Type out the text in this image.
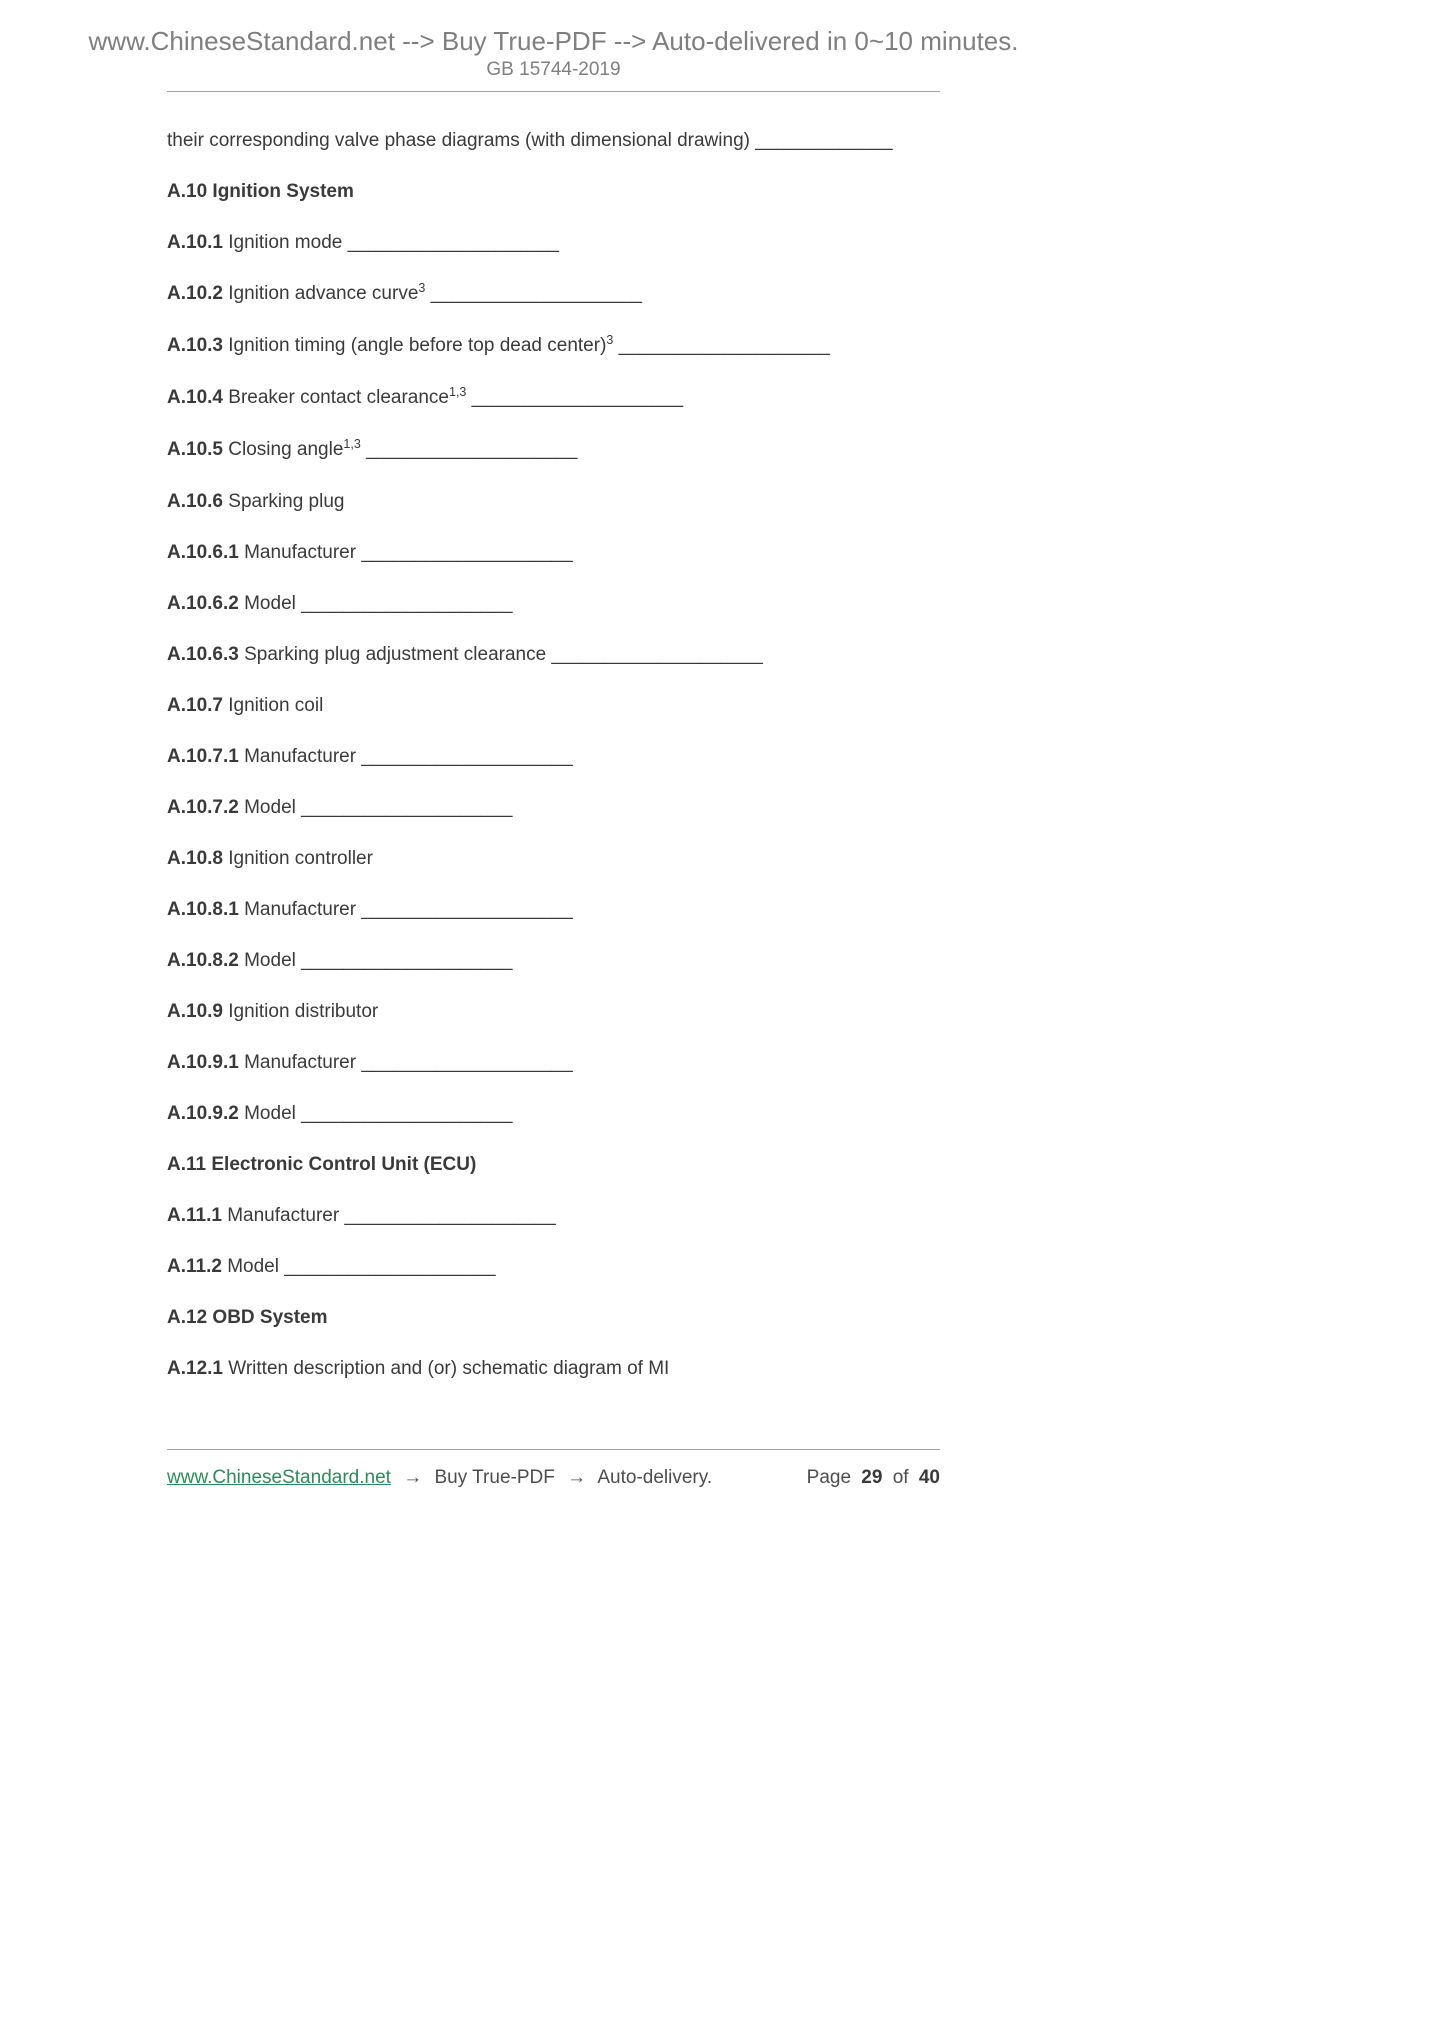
www.ChineseStandard.net --> Buy True-PDF --> Auto-delivered in 0~10 minutes.
GB 15744-2019
their corresponding valve phase diagrams (with dimensional drawing) _____________
A.10 Ignition System
A.10.1 Ignition mode ____________________
A.10.2 Ignition advance curve$^3$ ____________________
A.10.3 Ignition timing (angle before top dead center)$^3$ ____________________
A.10.4 Breaker contact clearance$^{1,3}$ ____________________
A.10.5 Closing angle$^{1,3}$ ____________________
A.10.6 Sparking plug
A.10.6.1 Manufacturer ____________________
A.10.6.2 Model ____________________
A.10.6.3 Sparking plug adjustment clearance ____________________
A.10.7 Ignition coil
A.10.7.1 Manufacturer ____________________
A.10.7.2 Model ____________________
A.10.8 Ignition controller
A.10.8.1 Manufacturer ____________________
A.10.8.2 Model ____________________
A.10.9 Ignition distributor
A.10.9.1 Manufacturer ____________________
A.10.9.2 Model ____________________
A.11 Electronic Control Unit (ECU)
A.11.1 Manufacturer ____________________
A.11.2 Model ____________________
A.12 OBD System
A.12.1 Written description and (or) schematic diagram of MI
www.ChineseStandard.net → Buy True-PDF → Auto-delivery.	Page 29 of 40
